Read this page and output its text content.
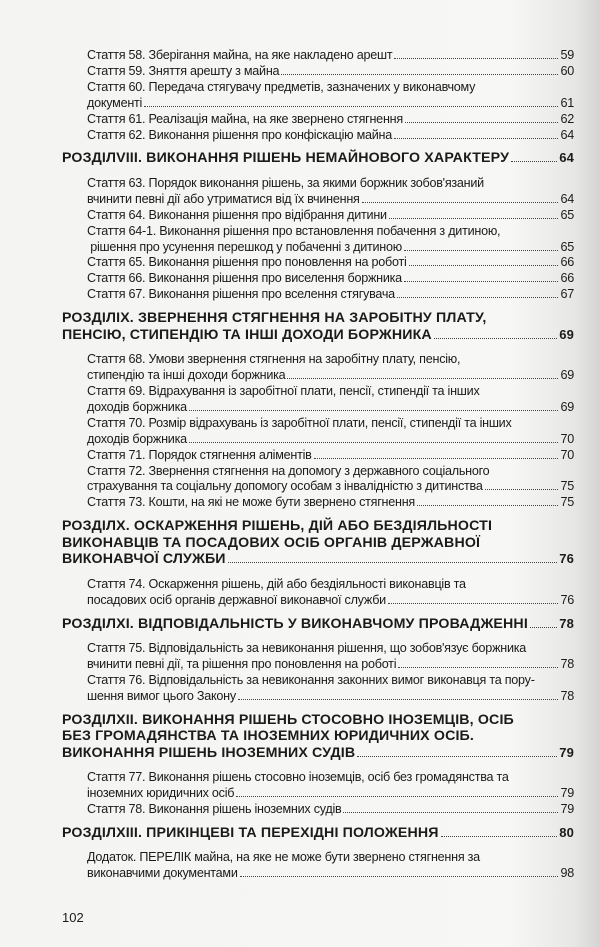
Стаття 58. Зберігання майна, на яке накладено арешт	59
Стаття 59. Зняття арешту з майна	60
Стаття 60. Передача стягувачу предметів, зазначених у виконавчому
документі	61
Стаття 61. Реалізація майна, на яке звернено стягнення	62
Стаття 62. Виконання рішення про конфіскацію майна	64
РОЗДІЛVIII. ВИКОНАННЯ РІШЕНЬ НЕМАЙНОВОГО ХАРАКТЕРУ	64
Стаття 63. Порядок виконання рішень, за якими боржник зобов'язаний
вчинити певні дії або утриматися від їх вчинення	64
Стаття 64. Виконання рішення про відібрання дитини	65
Стаття 64-1. Виконання рішення про встановлення побачення з дитиною,
рішення про усунення перешкод у побаченні з дитиною	65
Стаття 65. Виконання рішення про поновлення на роботі	66
Стаття 66. Виконання рішення про виселення боржника	66
Стаття 67. Виконання рішення про вселення стягувача	67
РОЗДІЛІХ. ЗВЕРНЕННЯ СТЯГНЕННЯ НА ЗАРОБІТНУ ПЛАТУ,
ПЕНСІЮ, СТИПЕНДІЮ ТА ІНШІ ДОХОДИ БОРЖНИКА	69
Стаття 68. Умови звернення стягнення на заробітну плату, пенсію,
стипендію та інші доходи боржника	69
Стаття 69. Відрахування із заробітної плати, пенсії, стипендії та інших
доходів боржника	69
Стаття 70. Розмір відрахувань із заробітної плати, пенсії, стипендії та інших
доходів боржника	70
Стаття 71. Порядок стягнення аліментів	70
Стаття 72. Звернення стягнення на допомогу з державного соціального
страхування та соціальну допомогу особам з інвалідністю з дитинства	75
Стаття 73. Кошти, на які не може бути звернено стягнення	75
РОЗДІЛХ. ОСКАРЖЕННЯ РІШЕНЬ, ДІЙ АБО БЕЗДІЯЛЬНОСТІ
ВИКОНАВЦІВ ТА ПОСАДОВИХ ОСІБ ОРГАНІВ ДЕРЖАВНОЇ
ВИКОНАВЧОЇ СЛУЖБИ	76
Стаття 74. Оскарження рішень, дій або бездіяльності виконавців та
посадових осіб органів державної виконавчої служби	76
РОЗДІЛХІ. ВІДПОВІДАЛЬНІСТЬ У ВИКОНАВЧОМУ ПРОВАДЖЕННІ 78
Стаття 75. Відповідальність за невиконання рішення, що зобов'язує боржника
вчинити певні дії, та рішення про поновлення на роботі	78
Стаття 76. Відповідальність за невиконання законних вимог виконавця та пору-
шення вимог цього Закону	78
РОЗДІЛХІІ. ВИКОНАННЯ РІШЕНЬ СТОСОВНО ІНОЗЕМЦІВ, ОСІБ
БЕЗ ГРОМАДЯНСТВА ТА ІНОЗЕМНИХ ЮРИДИЧНИХ ОСІБ.
ВИКОНАННЯ РІШЕНЬ ІНОЗЕМНИХ СУДІВ	79
Стаття 77. Виконання рішень стосовно іноземців, осіб без громадянства та
іноземних юридичних осіб	79
Стаття 78. Виконання рішень іноземних судів	79
РОЗДІЛХІІІ. ПРИКІНЦЕВІ ТА ПЕРЕХІДНІ ПОЛОЖЕННЯ	80
Додаток. ПЕРЕЛІК майна, на яке не може бути звернено стягнення за
виконавчими документами	98
102
